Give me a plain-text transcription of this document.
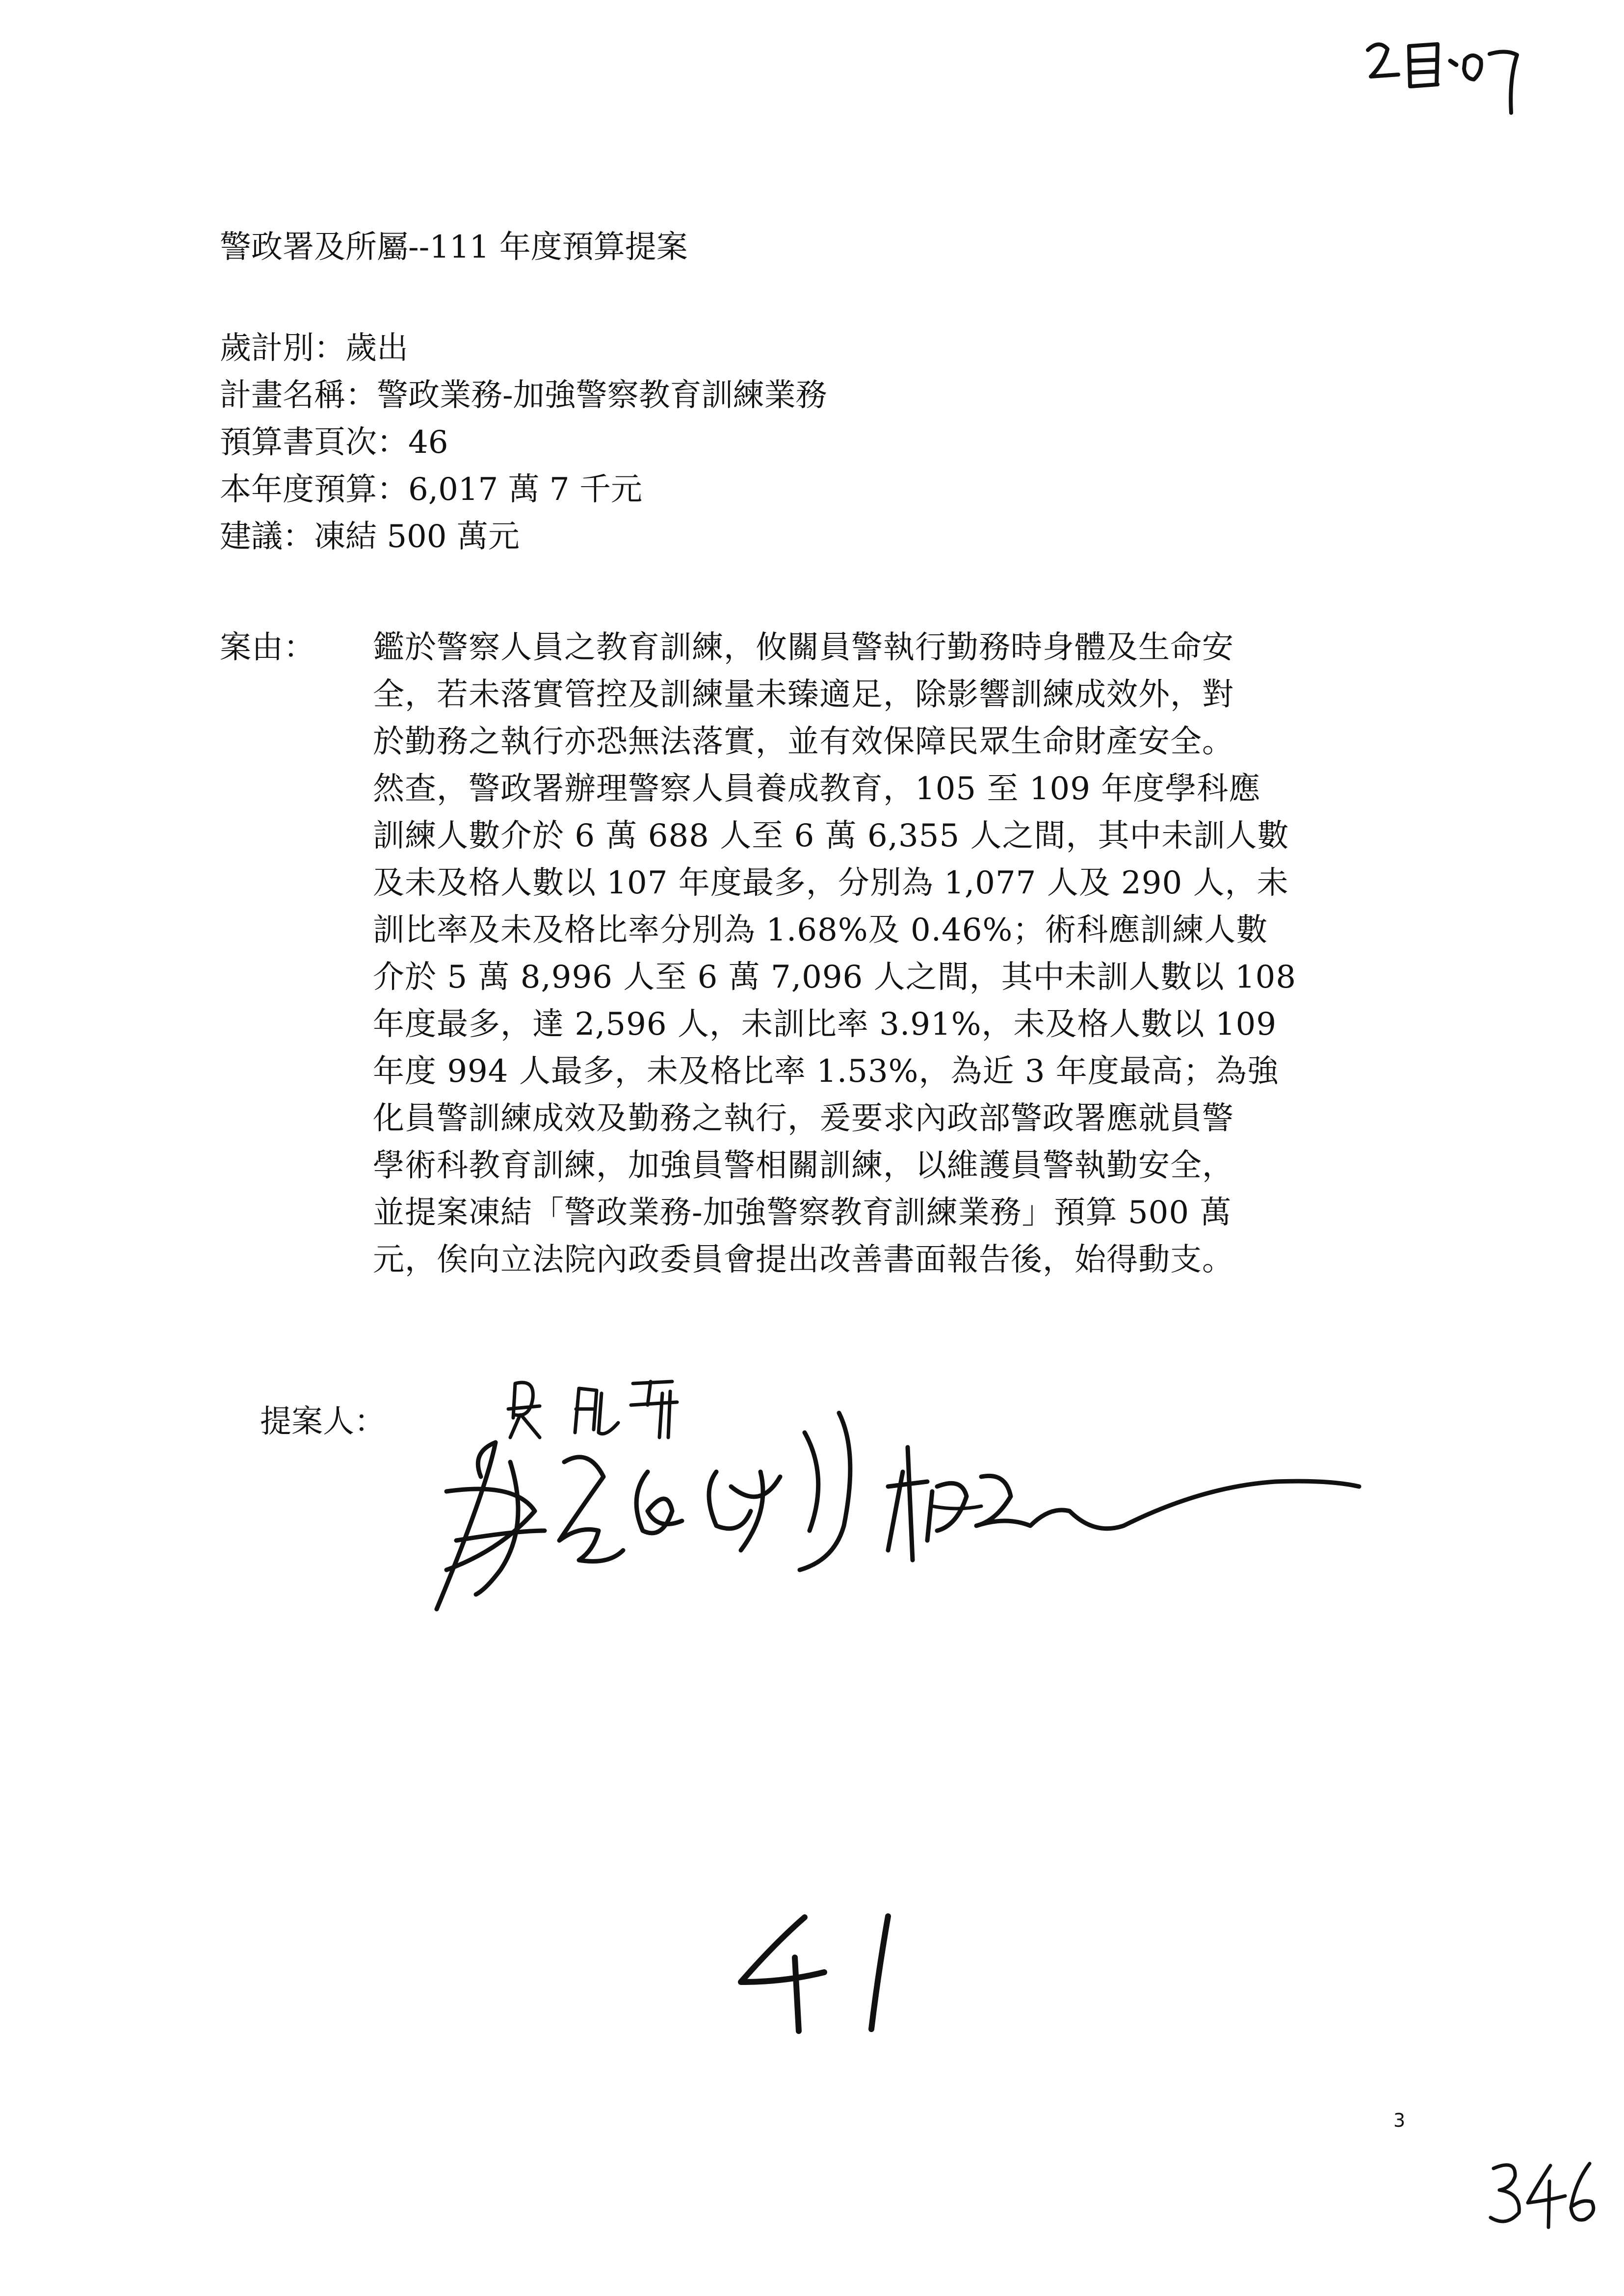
警政署及所屬--111 年度預算提案
歲計別：歲出
計畫名稱：警政業務-加強警察教育訓練業務
預算書頁次：46
本年度預算：6,017 萬 7 千元
建議：凍結 500 萬元
案由： 鑑於警察人員之教育訓練，攸關員警執行勤務時身體及生命安
全，若未落實管控及訓練量未臻適足，除影響訓練成效外，對
於勤務之執行亦恐無法落實，並有效保障民眾生命財產安全。
然查，警政署辦理警察人員養成教育，105 至 109 年度學科應
訓練人數介於 6 萬 688 人至 6 萬 6,355 人之間，其中未訓人數
及未及格人數以 107 年度最多，分別為 1,077 人及 290 人，未
訓比率及未及格比率分別為 1.68%及 0.46%；術科應訓練人數
介於 5 萬 8,996 人至 6 萬 7,096 人之間，其中未訓人數以 108
年度最多，達 2,596 人，未訓比率 3.91%，未及格人數以 109
年度 994 人最多，未及格比率 1.53%，為近 3 年度最高；為強
化員警訓練成效及勤務之執行，爰要求內政部警政署應就員警
學術科教育訓練，加強員警相關訓練，以維護員警執勤安全，
並提案凍結「警政業務-加強警察教育訓練業務」預算 500 萬
元，俟向立法院內政委員會提出改善書面報告後，始得動支。
提案人：
3
